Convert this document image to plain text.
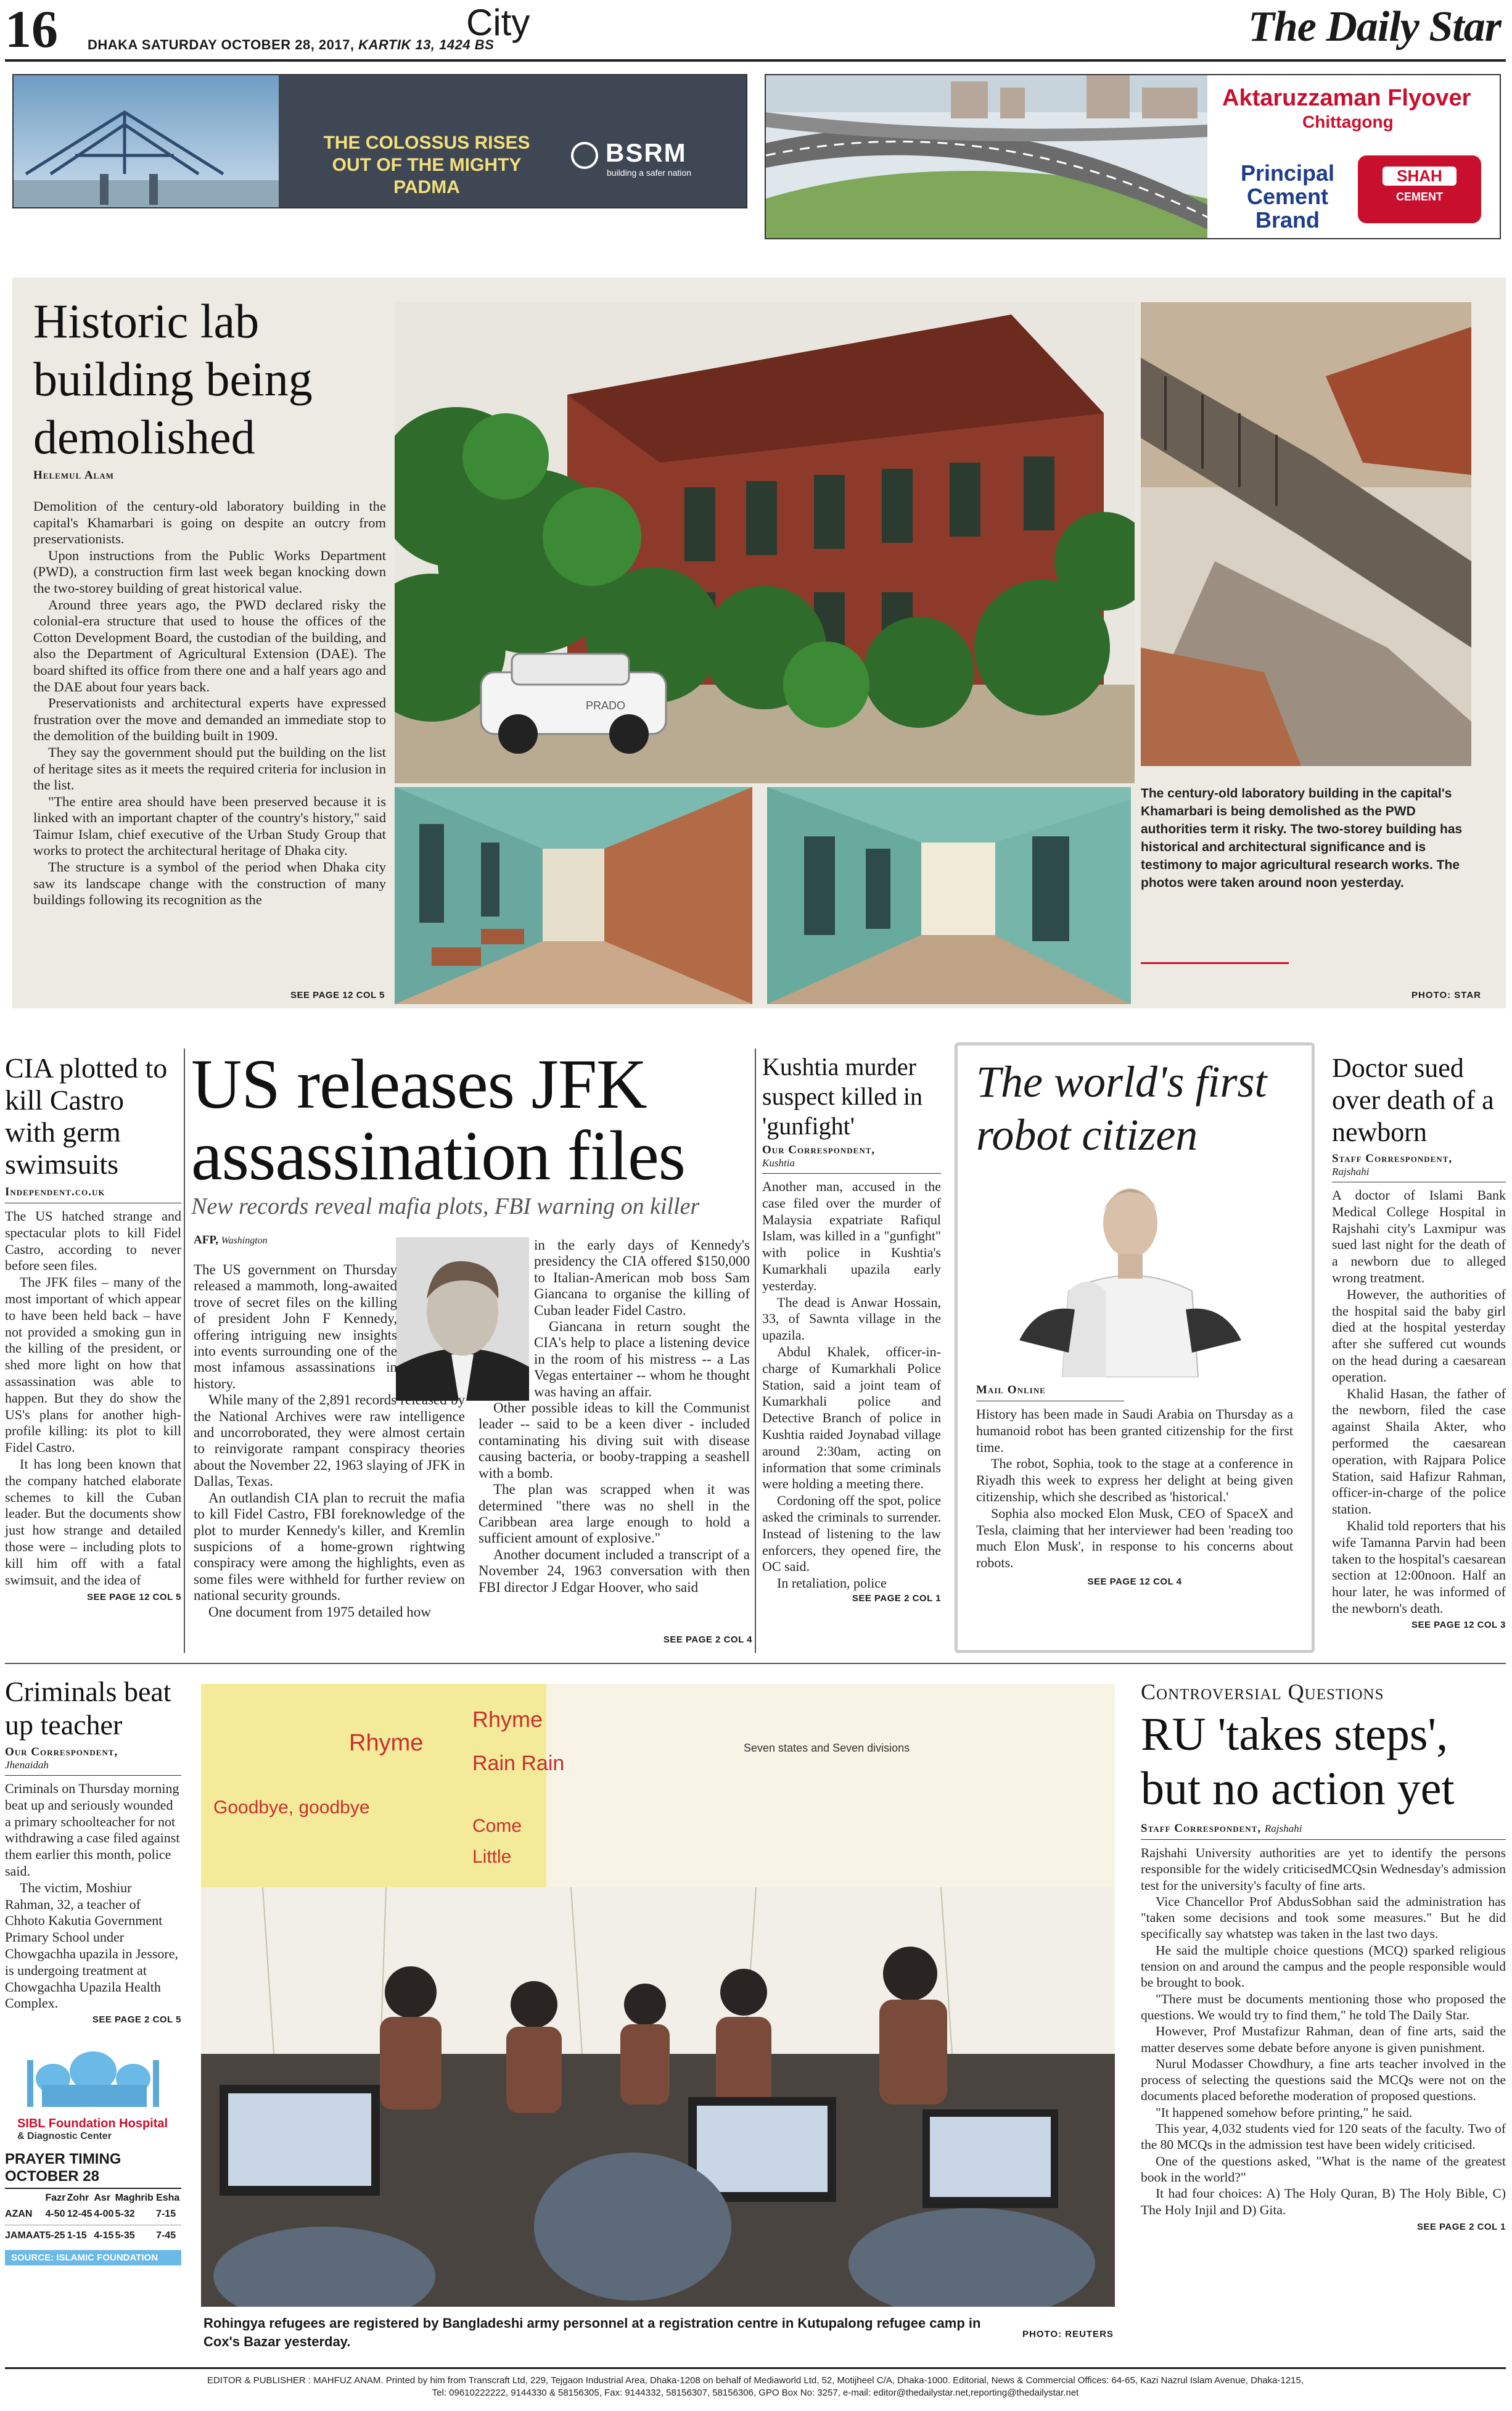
16 DHAKA SATURDAY OCTOBER 28, 2017, KARTIK 13, 1424 BS
City	The Daily Star
THE COLOSSUS RISES
OUT OF THE MIGHTY PADMA
BSRM
building a safer nation
Aktaruzzaman Flyover
Chittagong
Principal
Cement
Brand
SHAH
CEMENT
Historic lab building being demolished
Helemul Alam

Demolition of the century-old laboratory building in the capital's Khamarbari is going on despite an outcry from preservationists.

Upon instructions from the Public Works Department (PWD), a construction firm last week began knocking down the two-storey building of great historical value.

Around three years ago, the PWD declared risky the colonial-era structure that used to house the offices of the Cotton Development Board, the custodian of the building, and also the Department of Agricultural Extension (DAE). The board shifted its office from there one and a half years ago and the DAE about four years back.

Preservationists and architectural experts have expressed frustration over the move and demanded an immediate stop to the demolition of the building built in 1909.

They say the government should put the building on the list of heritage sites as it meets the required criteria for inclusion in the list.

"The entire area should have been preserved because it is linked with an important chapter of the country's history," said Taimur Islam, chief executive of the Urban Study Group that works to protect the architectural heritage of Dhaka city.

The structure is a symbol of the period when Dhaka city saw its landscape change with the construction of many buildings following its recognition as the

SEE PAGE 12 COL 5
PRADO
The century-old laboratory building in the capital's Khamarbari is being demolished as the PWD authorities term it risky. The two-storey building has historical and architectural significance and is testimony to major agricultural research works. The photos were taken around noon yesterday.
PHOTO: STAR
CIA plotted to kill Castro with germ swimsuits
Independent.co.uk

The US hatched strange and spectacular plots to kill Fidel Castro, according to never before seen files.

The JFK files – many of the most important of which appear to have been held back – have not provided a smoking gun in the killing of the president, or shed more light on how that assassination was able to happen. But they do show the US's plans for another high-profile killing: its plot to kill Fidel Castro.

It has long been known that the company hatched elaborate schemes to kill the Cuban leader. But the documents show just how strange and detailed those were – including plots to kill him off with a fatal swimsuit, and the idea of

SEE PAGE 12 COL 5
US releases JFK assassination files
New records reveal mafia plots, FBI warning on killer
AFP, Washington

The US government on Thursday released a mammoth, long-awaited trove of secret files on the killing of president John F Kennedy, offering intriguing new insights into events surrounding one of the most infamous assassinations in history.

While many of the 2,891 records released by the National Archives were raw intelligence and uncorroborated, they were almost certain to reinvigorate rampant conspiracy theories about the November 22, 1963 slaying of JFK in Dallas, Texas.

An outlandish CIA plan to recruit the mafia to kill Fidel Castro, FBI foreknowledge of the plot to murder Kennedy's killer, and Kremlin suspicions of a home-grown rightwing conspiracy were among the highlights, even as some files were withheld for further review on national security grounds.

One document from 1975 detailed how

in the early days of Kennedy's presidency the CIA offered $150,000 to Italian-American mob boss Sam Giancana to organise the killing of Cuban leader Fidel Castro.

Giancana in return sought the CIA's help to place a listening device in the room of his mistress -- a Las Vegas entertainer -- whom he thought was having an affair.

Other possible ideas to kill the Communist leader -- said to be a keen diver - included contaminating his diving suit with disease causing bacteria, or booby-trapping a seashell with a bomb.

The plan was scrapped when it was determined "there was no shell in the Caribbean area large enough to hold a sufficient amount of explosive."

Another document included a transcript of a November 24, 1963 conversation with then FBI director J Edgar Hoover, who said

SEE PAGE 2 COL 4
Kushtia murder suspect killed in 'gunfight'
Our Correspondent,
Kushtia

Another man, accused in the case filed over the murder of Malaysia expatriate Rafiqul Islam, was killed in a "gunfight" with police in Kushtia's Kumarkhali upazila early yesterday.

The dead is Anwar Hossain, 33, of Sawnta village in the upazila.

Abdul Khalek, officer-in-charge of Kumarkhali Police Station, said a joint team of Kumarkhali police and Detective Branch of police in Kushtia raided Joynabad village around 2:30am, acting on information that some criminals were holding a meeting there.

Cordoning off the spot, police asked the criminals to surrender. Instead of listening to the law enforcers, they opened fire, the OC said.

In retaliation, police

SEE PAGE 2 COL 1
The world's first robot citizen
Mail Online

History has been made in Saudi Arabia on Thursday as a humanoid robot has been granted citizenship for the first time.

The robot, Sophia, took to the stage at a conference in Riyadh this week to express her delight at being given citizenship, which she described as 'historical.'

Sophia also mocked Elon Musk, CEO of SpaceX and Tesla, claiming that her interviewer had been 'reading too much Elon Musk', in response to his concerns about robots.

SEE PAGE 12 COL 4
Doctor sued over death of a newborn
Staff Correspondent,
Rajshahi

A doctor of Islami Bank Medical College Hospital in Rajshahi city's Laxmipur was sued last night for the death of a newborn due to alleged wrong treatment.

However, the authorities of the hospital said the baby girl died at the hospital yesterday after she suffered cut wounds on the head during a caesarean operation.

Khalid Hasan, the father of the newborn, filed the case against Shaila Akter, who performed the caesarean operation, with Rajpara Police Station, said Hafizur Rahman, officer-in-charge of the police station.

Khalid told reporters that his wife Tamanna Parvin had been taken to the hospital's caesarean section at 12:00noon. Half an hour later, he was informed of the newborn's death.

SEE PAGE 12 COL 3
Criminals beat up teacher
Our Correspondent,
Jhenaidah

Criminals on Thursday morning beat up and seriously wounded a primary schoolteacher for not withdrawing a case filed against them earlier this month, police said.

The victim, Moshiur Rahman, 32, a teacher of Chhoto Kakutia Government Primary School under Chowgachha upazila in Jessore, is undergoing treatment at Chowgachha Upazila Health Complex.

SEE PAGE 2 COL 5
SIBL Foundation Hospital
& Diagnostic Center
PRAYER TIMING OCTOBER 28
	Fazr	Zohr	Asr	Maghrib	Esha
AZAN	4-50	12-45	4-00	5-32	7-15
JAMAAT	5-25	1-15	4-15	5-35	7-45
SOURCE: ISLAMIC FOUNDATION
Rhyme
Goodbye, goodbye
Rhyme
Rain Rain
Come
Little
Seven states and Seven divisions
Rohingya refugees are registered by Bangladeshi army personnel at a registration centre in Kutupalong refugee camp in Cox's Bazar yesterday.	PHOTO: REUTERS
Controversial Questions
RU 'takes steps', but no action yet
Staff Correspondent, Rajshahi

Rajshahi University authorities are yet to identify the persons responsible for the widely criticisedMCQsin Wednesday's admission test for the university's faculty of fine arts.

Vice Chancellor Prof AbdusSobhan said the administration has "taken some decisions and took some measures." But he did specifically say whatstep was taken in the last two days.

He said the multiple choice questions (MCQ) sparked religious tension on and around the campus and the people responsible would be brought to book.

"There must be documents mentioning those who proposed the questions. We would try to find them," he told The Daily Star.

However, Prof Mustafizur Rahman, dean of fine arts, said the matter deserves some debate before anyone is given punishment.

Nurul Modasser Chowdhury, a fine arts teacher involved in the process of selecting the questions said the MCQs were not on the documents placed beforethe moderation of proposed questions.

"It happened somehow before printing," he said.

This year, 4,032 students vied for 120 seats of the faculty. Two of the 80 MCQs in the admission test have been widely criticised.

One of the questions asked, "What is the name of the greatest book in the world?"

It had four choices: A) The Holy Quran, B) The Holy Bible, C) The Holy Injil and D) Gita.

SEE PAGE 2 COL 1
EDITOR & PUBLISHER : MAHFUZ ANAM. Printed by him from Transcraft Ltd, 229, Tejgaon Industrial Area, Dhaka-1208 on behalf of Mediaworld Ltd, 52, Motijheel C/A, Dhaka-1000. Editorial, News & Commercial Offices: 64-65, Kazi Nazrul Islam Avenue, Dhaka-1215,
Tel: 09610222222, 9144330 & 58156305, Fax: 9144332, 58156307, 58156306, GPO Box No: 3257, e-mail: editor@thedailystar.net,reporting@thedailystar.net
